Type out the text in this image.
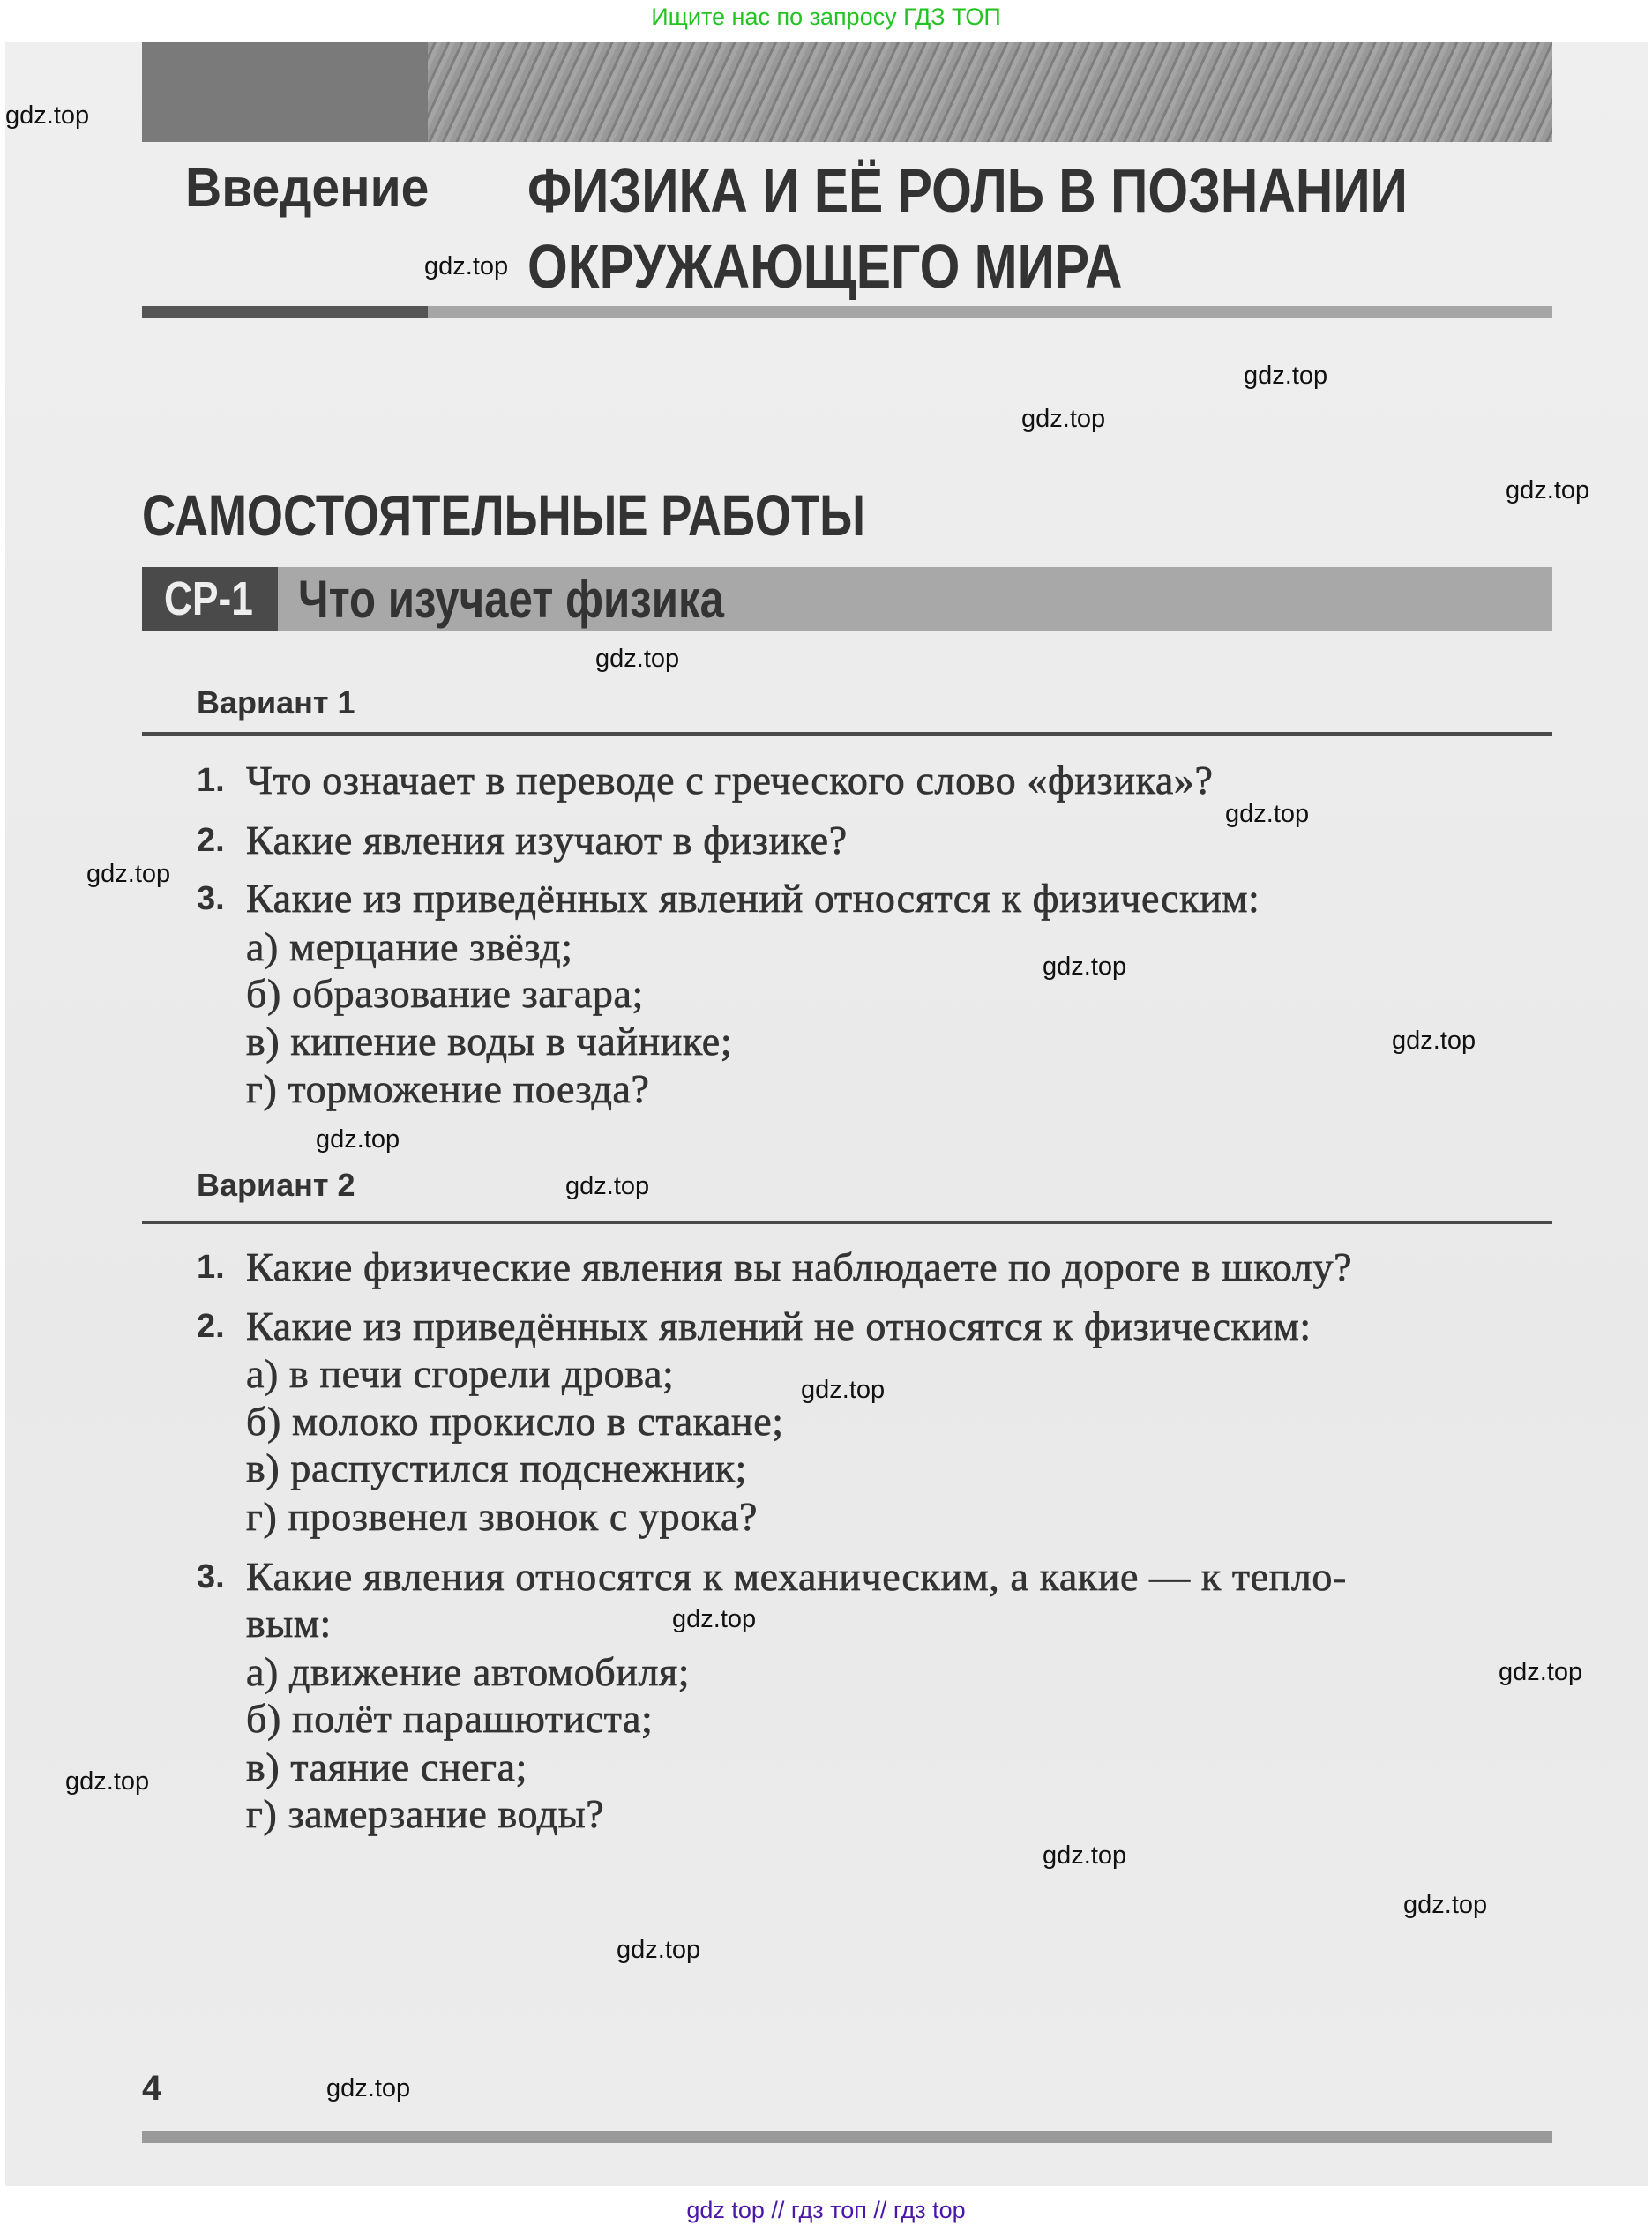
Ищите нас по запросу ГДЗ ТОП
Введение ФИЗИКА И ЕЁ РОЛЬ В ПОЗНАНИИ
ОКРУЖАЮЩЕГО МИРА
САМОСТОЯТЕЛЬНЫЕ РАБОТЫ
СР-1 Что изучает физика
Вариант 1
1. Что означает в переводе с греческого слово «физика»?
2. Какие явления изучают в физике?
3. Какие из приведённых явлений относятся к физическим:
а) мерцание звёзд;
б) образование загара;
в) кипение воды в чайнике;
г) торможение поезда?
Вариант 2
1. Какие физические явления вы наблюдаете по дороге в школу?
2. Какие из приведённых явлений не относятся к физическим:
а) в печи сгорели дрова;
б) молоко прокисло в стакане;
в) распустился подснежник;
г) прозвенел звонок с урока?
3. Какие явления относятся к механическим, а какие — к тепло-
вым:
а) движение автомобиля;
б) полёт парашютиста;
в) таяние снега;
г) замерзание воды?
4
gdz top // гдз топ // гдз top
gdz.top
gdz.top
gdz.top
gdz.top
gdz.top
gdz.top
gdz.top
gdz.top
gdz.top
gdz.top
gdz.top
gdz.top
gdz.top
gdz.top
gdz.top
gdz.top
gdz.top
gdz.top
gdz.top
gdz.top
